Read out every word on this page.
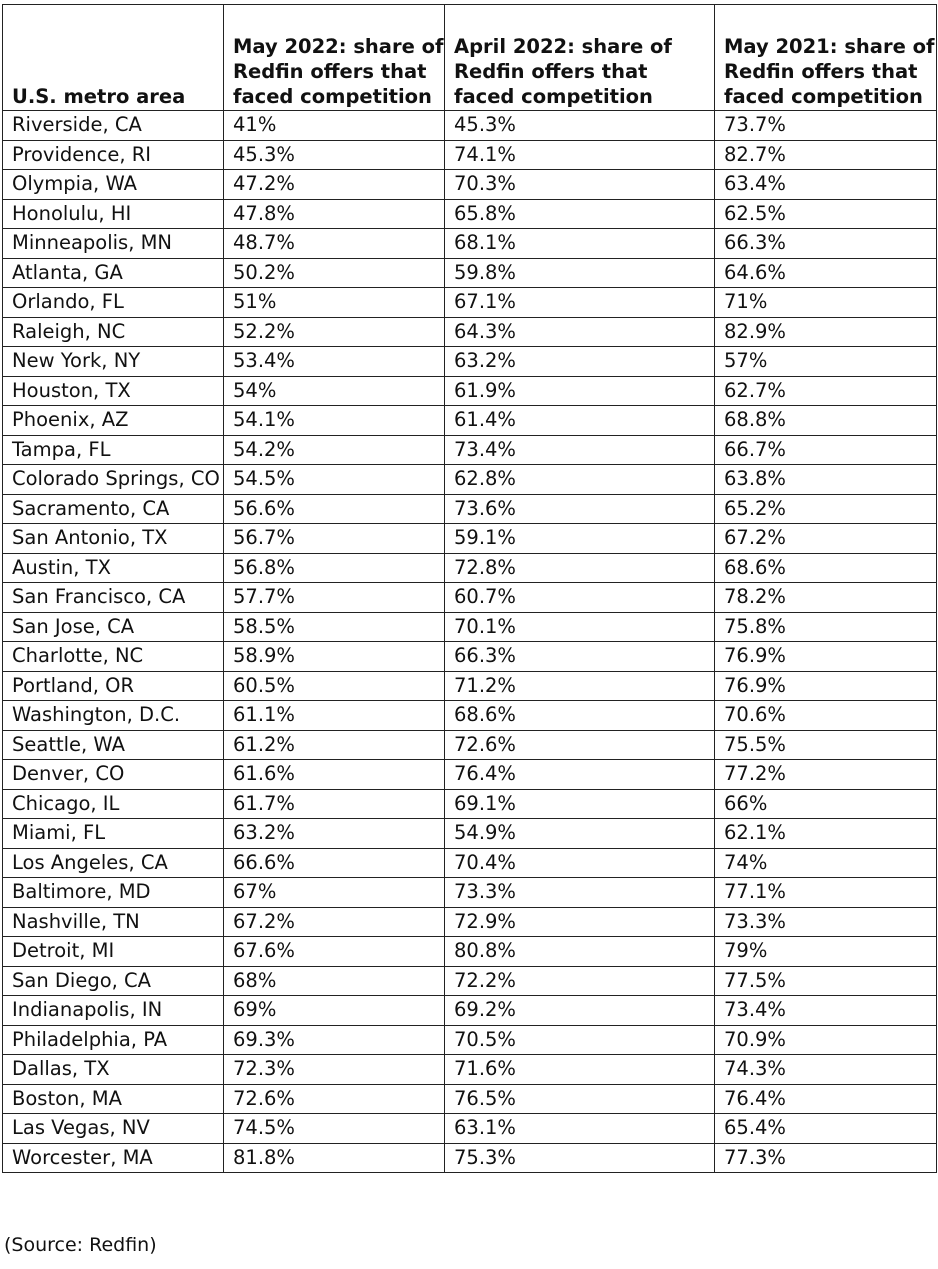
U.S. metro area	May 2022: share of Redfin offers that faced competition	April 2022: share of Redfin offers that faced competition	May 2021: share of Redfin offers that faced competition
Riverside, CA	41%	45.3%	73.7%
Providence, RI	45.3%	74.1%	82.7%
Olympia, WA	47.2%	70.3%	63.4%
Honolulu, HI	47.8%	65.8%	62.5%
Minneapolis, MN	48.7%	68.1%	66.3%
Atlanta, GA	50.2%	59.8%	64.6%
Orlando, FL	51%	67.1%	71%
Raleigh, NC	52.2%	64.3%	82.9%
New York, NY	53.4%	63.2%	57%
Houston, TX	54%	61.9%	62.7%
Phoenix, AZ	54.1%	61.4%	68.8%
Tampa, FL	54.2%	73.4%	66.7%
Colorado Springs, CO	54.5%	62.8%	63.8%
Sacramento, CA	56.6%	73.6%	65.2%
San Antonio, TX	56.7%	59.1%	67.2%
Austin, TX	56.8%	72.8%	68.6%
San Francisco, CA	57.7%	60.7%	78.2%
San Jose, CA	58.5%	70.1%	75.8%
Charlotte, NC	58.9%	66.3%	76.9%
Portland, OR	60.5%	71.2%	76.9%
Washington, D.C.	61.1%	68.6%	70.6%
Seattle, WA	61.2%	72.6%	75.5%
Denver, CO	61.6%	76.4%	77.2%
Chicago, IL	61.7%	69.1%	66%
Miami, FL	63.2%	54.9%	62.1%
Los Angeles, CA	66.6%	70.4%	74%
Baltimore, MD	67%	73.3%	77.1%
Nashville, TN	67.2%	72.9%	73.3%
Detroit, MI	67.6%	80.8%	79%
San Diego, CA	68%	72.2%	77.5%
Indianapolis, IN	69%	69.2%	73.4%
Philadelphia, PA	69.3%	70.5%	70.9%
Dallas, TX	72.3%	71.6%	74.3%
Boston, MA	72.6%	76.5%	76.4%
Las Vegas, NV	74.5%	63.1%	65.4%
Worcester, MA	81.8%	75.3%	77.3%
(Source: Redfin)
